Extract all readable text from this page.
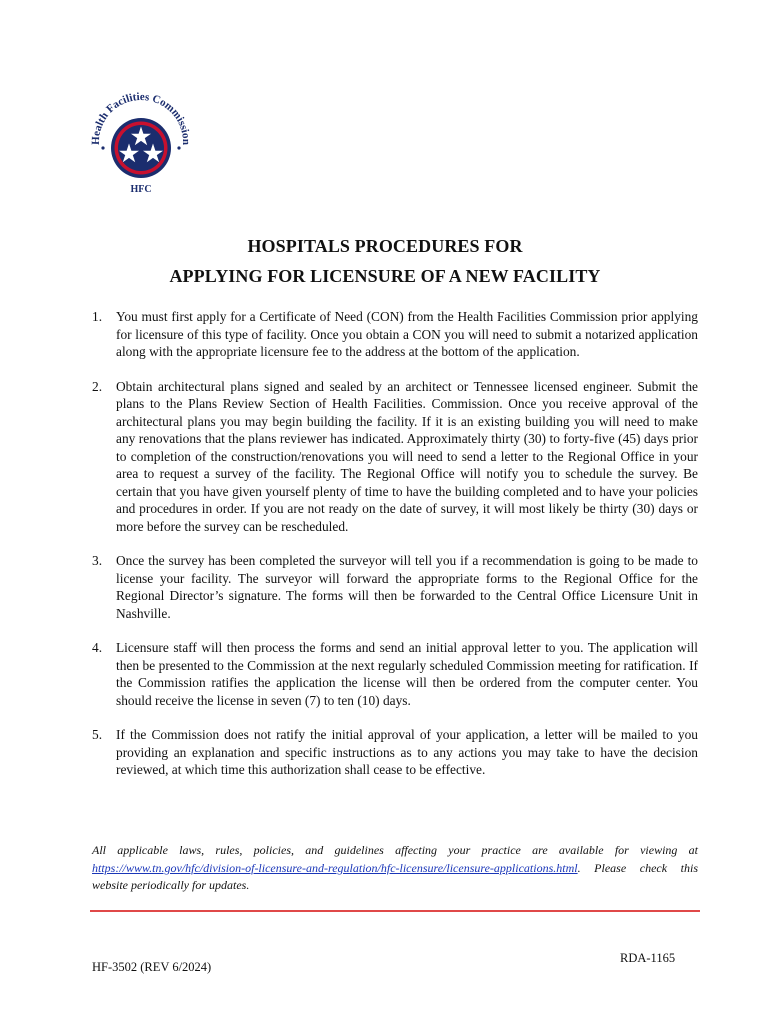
Health Facilities Commission
HFC
HOSPITALS PROCEDURES FOR
APPLYING FOR LICENSURE OF A NEW FACILITY
1. You must first apply for a Certificate of Need (CON) from the Health Facilities Commission prior applying for licensure of this type of facility. Once you obtain a CON you will need to submit a notarized application along with the appropriate licensure fee to the address at the bottom of the application.
2. Obtain architectural plans signed and sealed by an architect or Tennessee licensed engineer. Submit the plans to the Plans Review Section of Health Facilities. Commission. Once you receive approval of the architectural plans you may begin building the facility. If it is an existing building you will need to make any renovations that the plans reviewer has indicated. Approximately thirty (30) to forty-five (45) days prior to completion of the construction/renovations you will need to send a letter to the Regional Office in your area to request a survey of the facility. The Regional Office will notify you to schedule the survey. Be certain that you have given yourself plenty of time to have the building completed and to have your policies and procedures in order. If you are not ready on the date of survey, it will most likely be thirty (30) days or more before the survey can be rescheduled.
3. Once the survey has been completed the surveyor will tell you if a recommendation is going to be made to license your facility. The surveyor will forward the appropriate forms to the Regional Office for the Regional Director’s signature. The forms will then be forwarded to the Central Office Licensure Unit in Nashville.
4. Licensure staff will then process the forms and send an initial approval letter to you. The application will then be presented to the Commission at the next regularly scheduled Commission meeting for ratification. If the Commission ratifies the application the license will then be ordered from the computer center. You should receive the license in seven (7) to ten (10) days.
5. If the Commission does not ratify the initial approval of your application, a letter will be mailed to you providing an explanation and specific instructions as to any actions you may take to have the decision reviewed, at which time this authorization shall cease to be effective.
All applicable laws, rules, policies, and guidelines affecting your practice are available for viewing at https://www.tn.gov/hfc/division-of-licensure-and-regulation/hfc-licensure/licensure-applications.html. Please check this website periodically for updates.
HF-3502 (REV 6/2024)
RDA-1165
